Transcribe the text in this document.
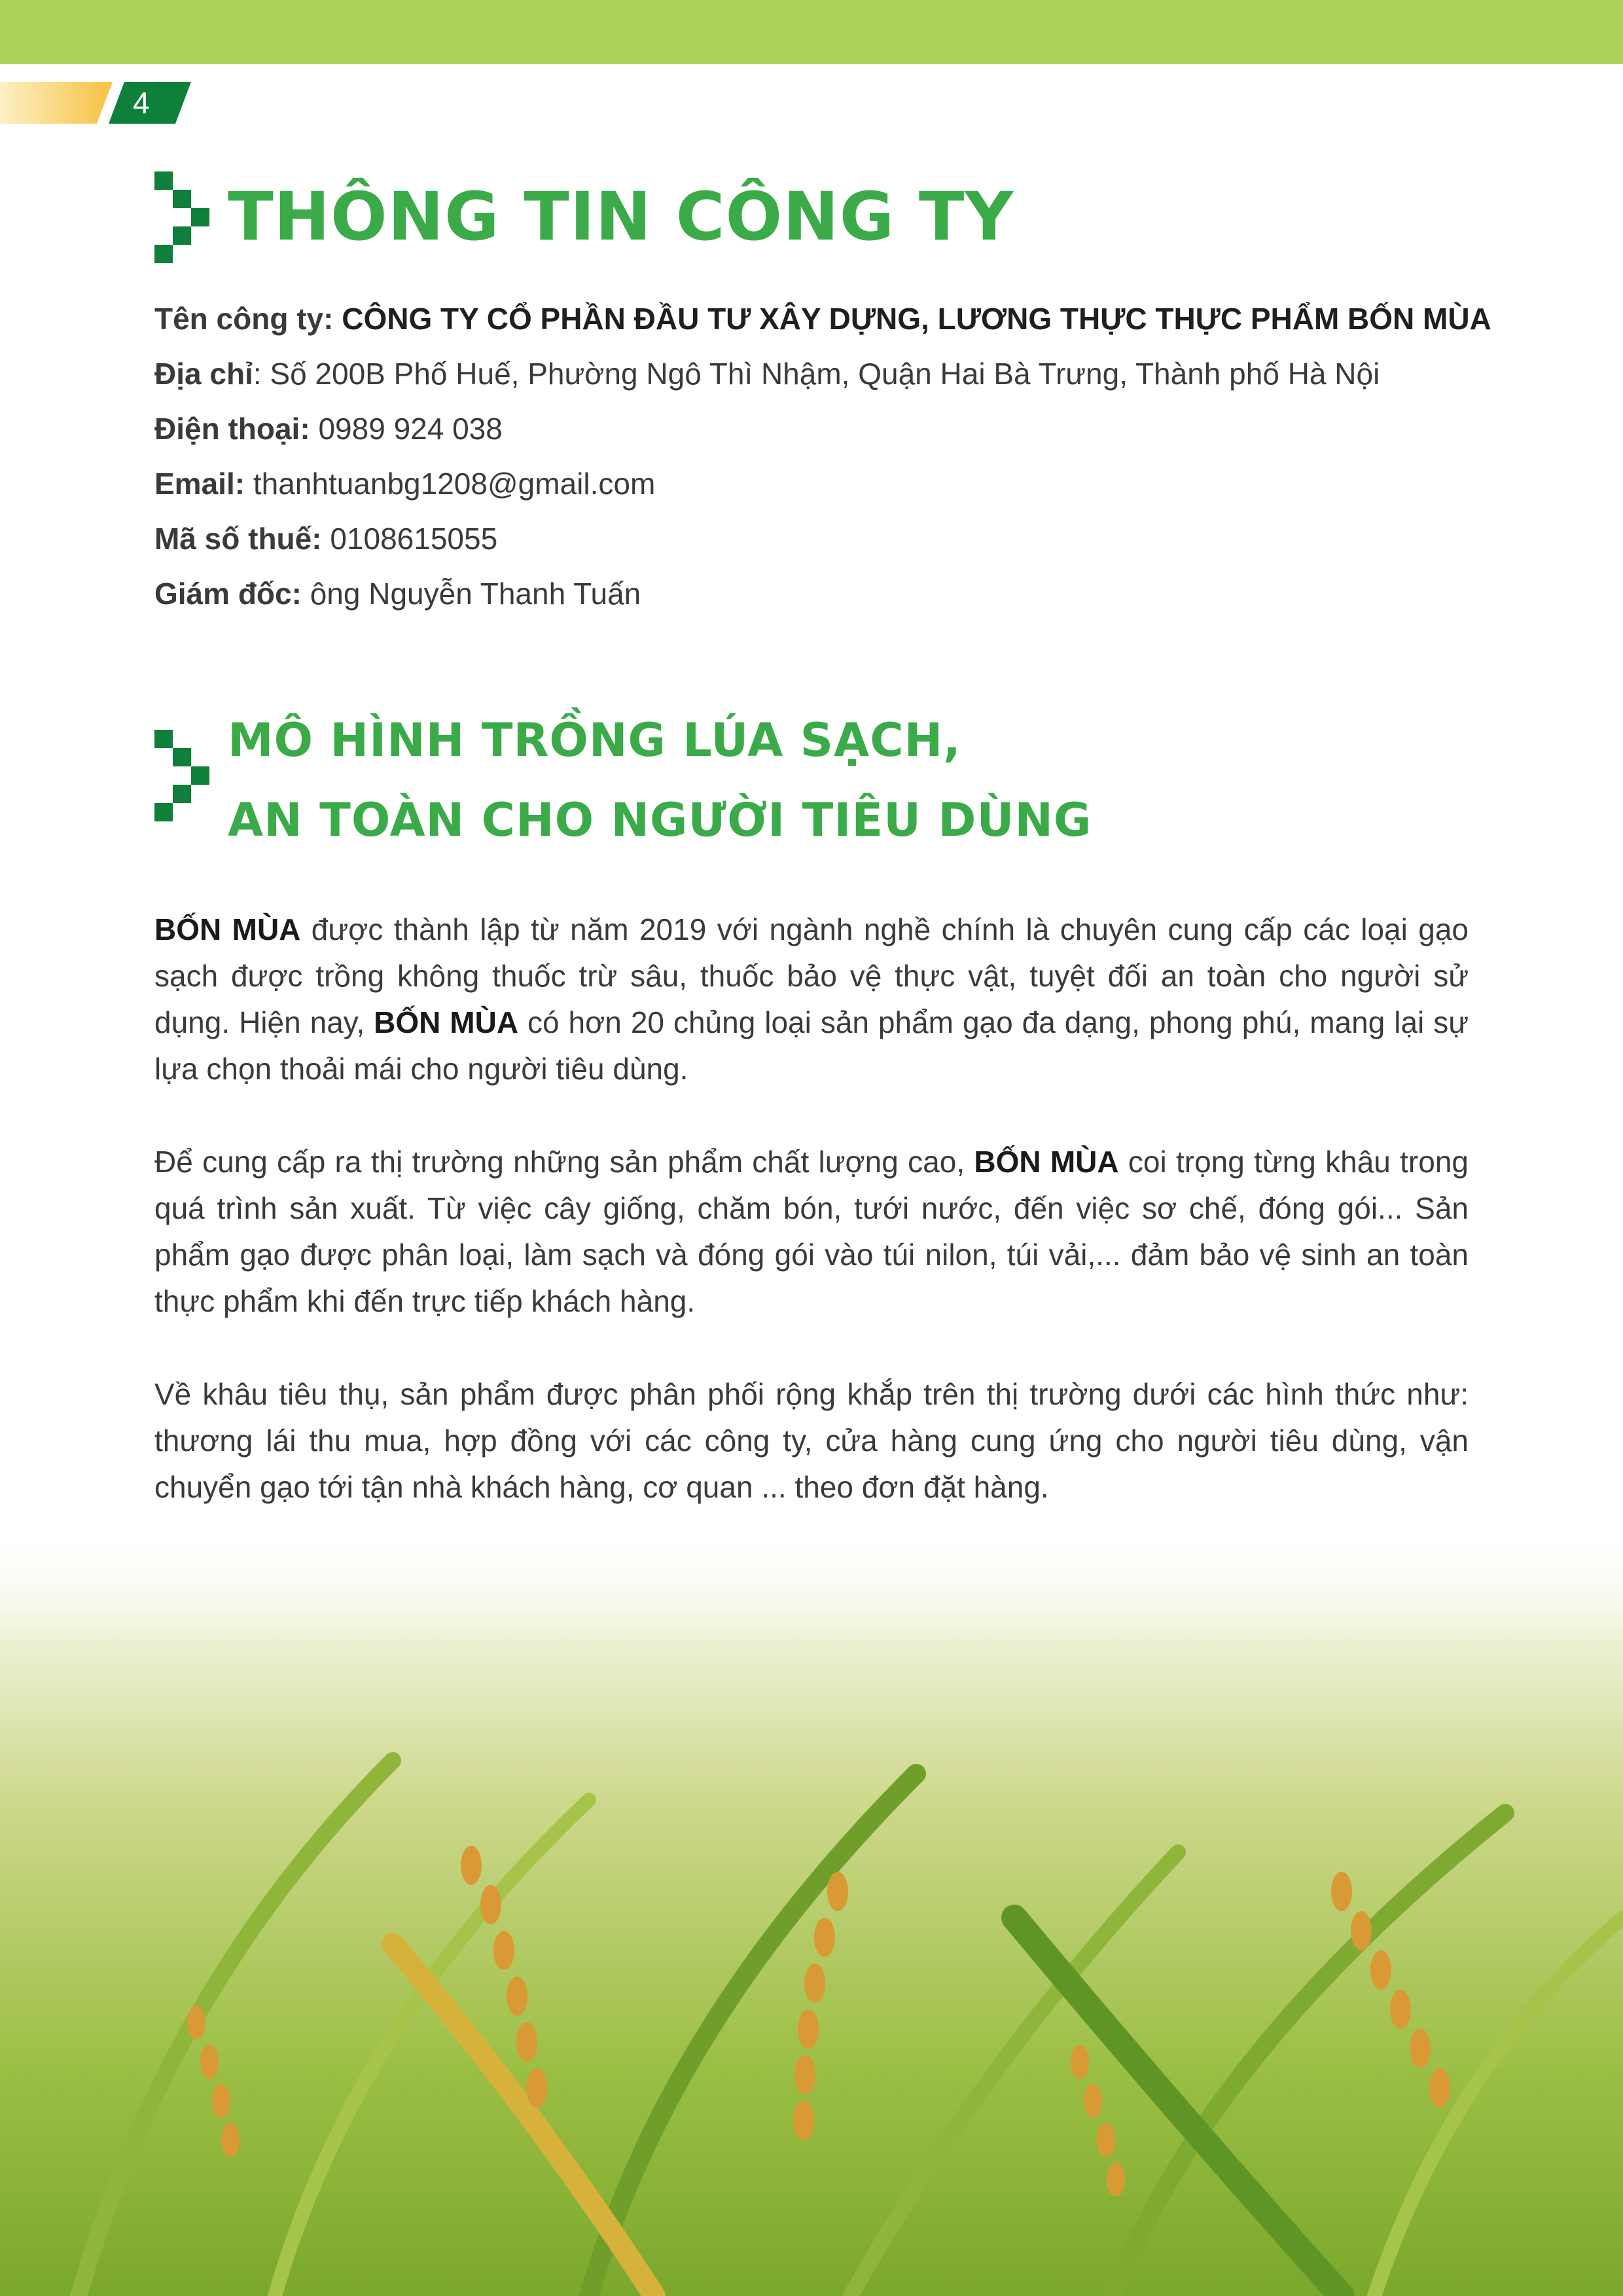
4
THÔNG TIN CÔNG TY
Tên công ty: CÔNG TY CỔ PHẦN ĐẦU TƯ XÂY DỰNG, LƯƠNG THỰC THỰC PHẨM BỐN MÙA
Địa chỉ: Số 200B Phố Huế, Phường Ngô Thì Nhậm, Quận Hai Bà Trưng, Thành phố Hà Nội
Điện thoại: 0989 924 038
Email: thanhtuanbg1208@gmail.com
Mã số thuế: 0108615055
Giám đốc: ông Nguyễn Thanh Tuấn
MÔ HÌNH TRỒNG LÚA SẠCH,
AN TOÀN CHO NGƯỜI TIÊU DÙNG

BỐN MÙA được thành lập từ năm 2019 với ngành nghề chính là chuyên cung cấp các loại gạo sạch được trồng không thuốc trừ sâu, thuốc bảo vệ thực vật, tuyệt đối an toàn cho người sử dụng. Hiện nay, BỐN MÙA có hơn 20 chủng loại sản phẩm gạo đa dạng, phong phú, mang lại sự lựa chọn thoải mái cho người tiêu dùng.

Để cung cấp ra thị trường những sản phẩm chất lượng cao, BỐN MÙA coi trọng từng khâu trong quá trình sản xuất. Từ việc cây giống, chăm bón, tưới nước, đến việc sơ chế, đóng gói... Sản phẩm gạo được phân loại, làm sạch và đóng gói vào túi nilon, túi vải,... đảm bảo vệ sinh an toàn thực phẩm khi đến trực tiếp khách hàng.

Về khâu tiêu thụ, sản phẩm được phân phối rộng khắp trên thị trường dưới các hình thức như: thương lái thu mua, hợp đồng với các công ty, cửa hàng cung ứng cho người tiêu dùng, vận chuyển gạo tới tận nhà khách hàng, cơ quan ... theo đơn đặt hàng.
